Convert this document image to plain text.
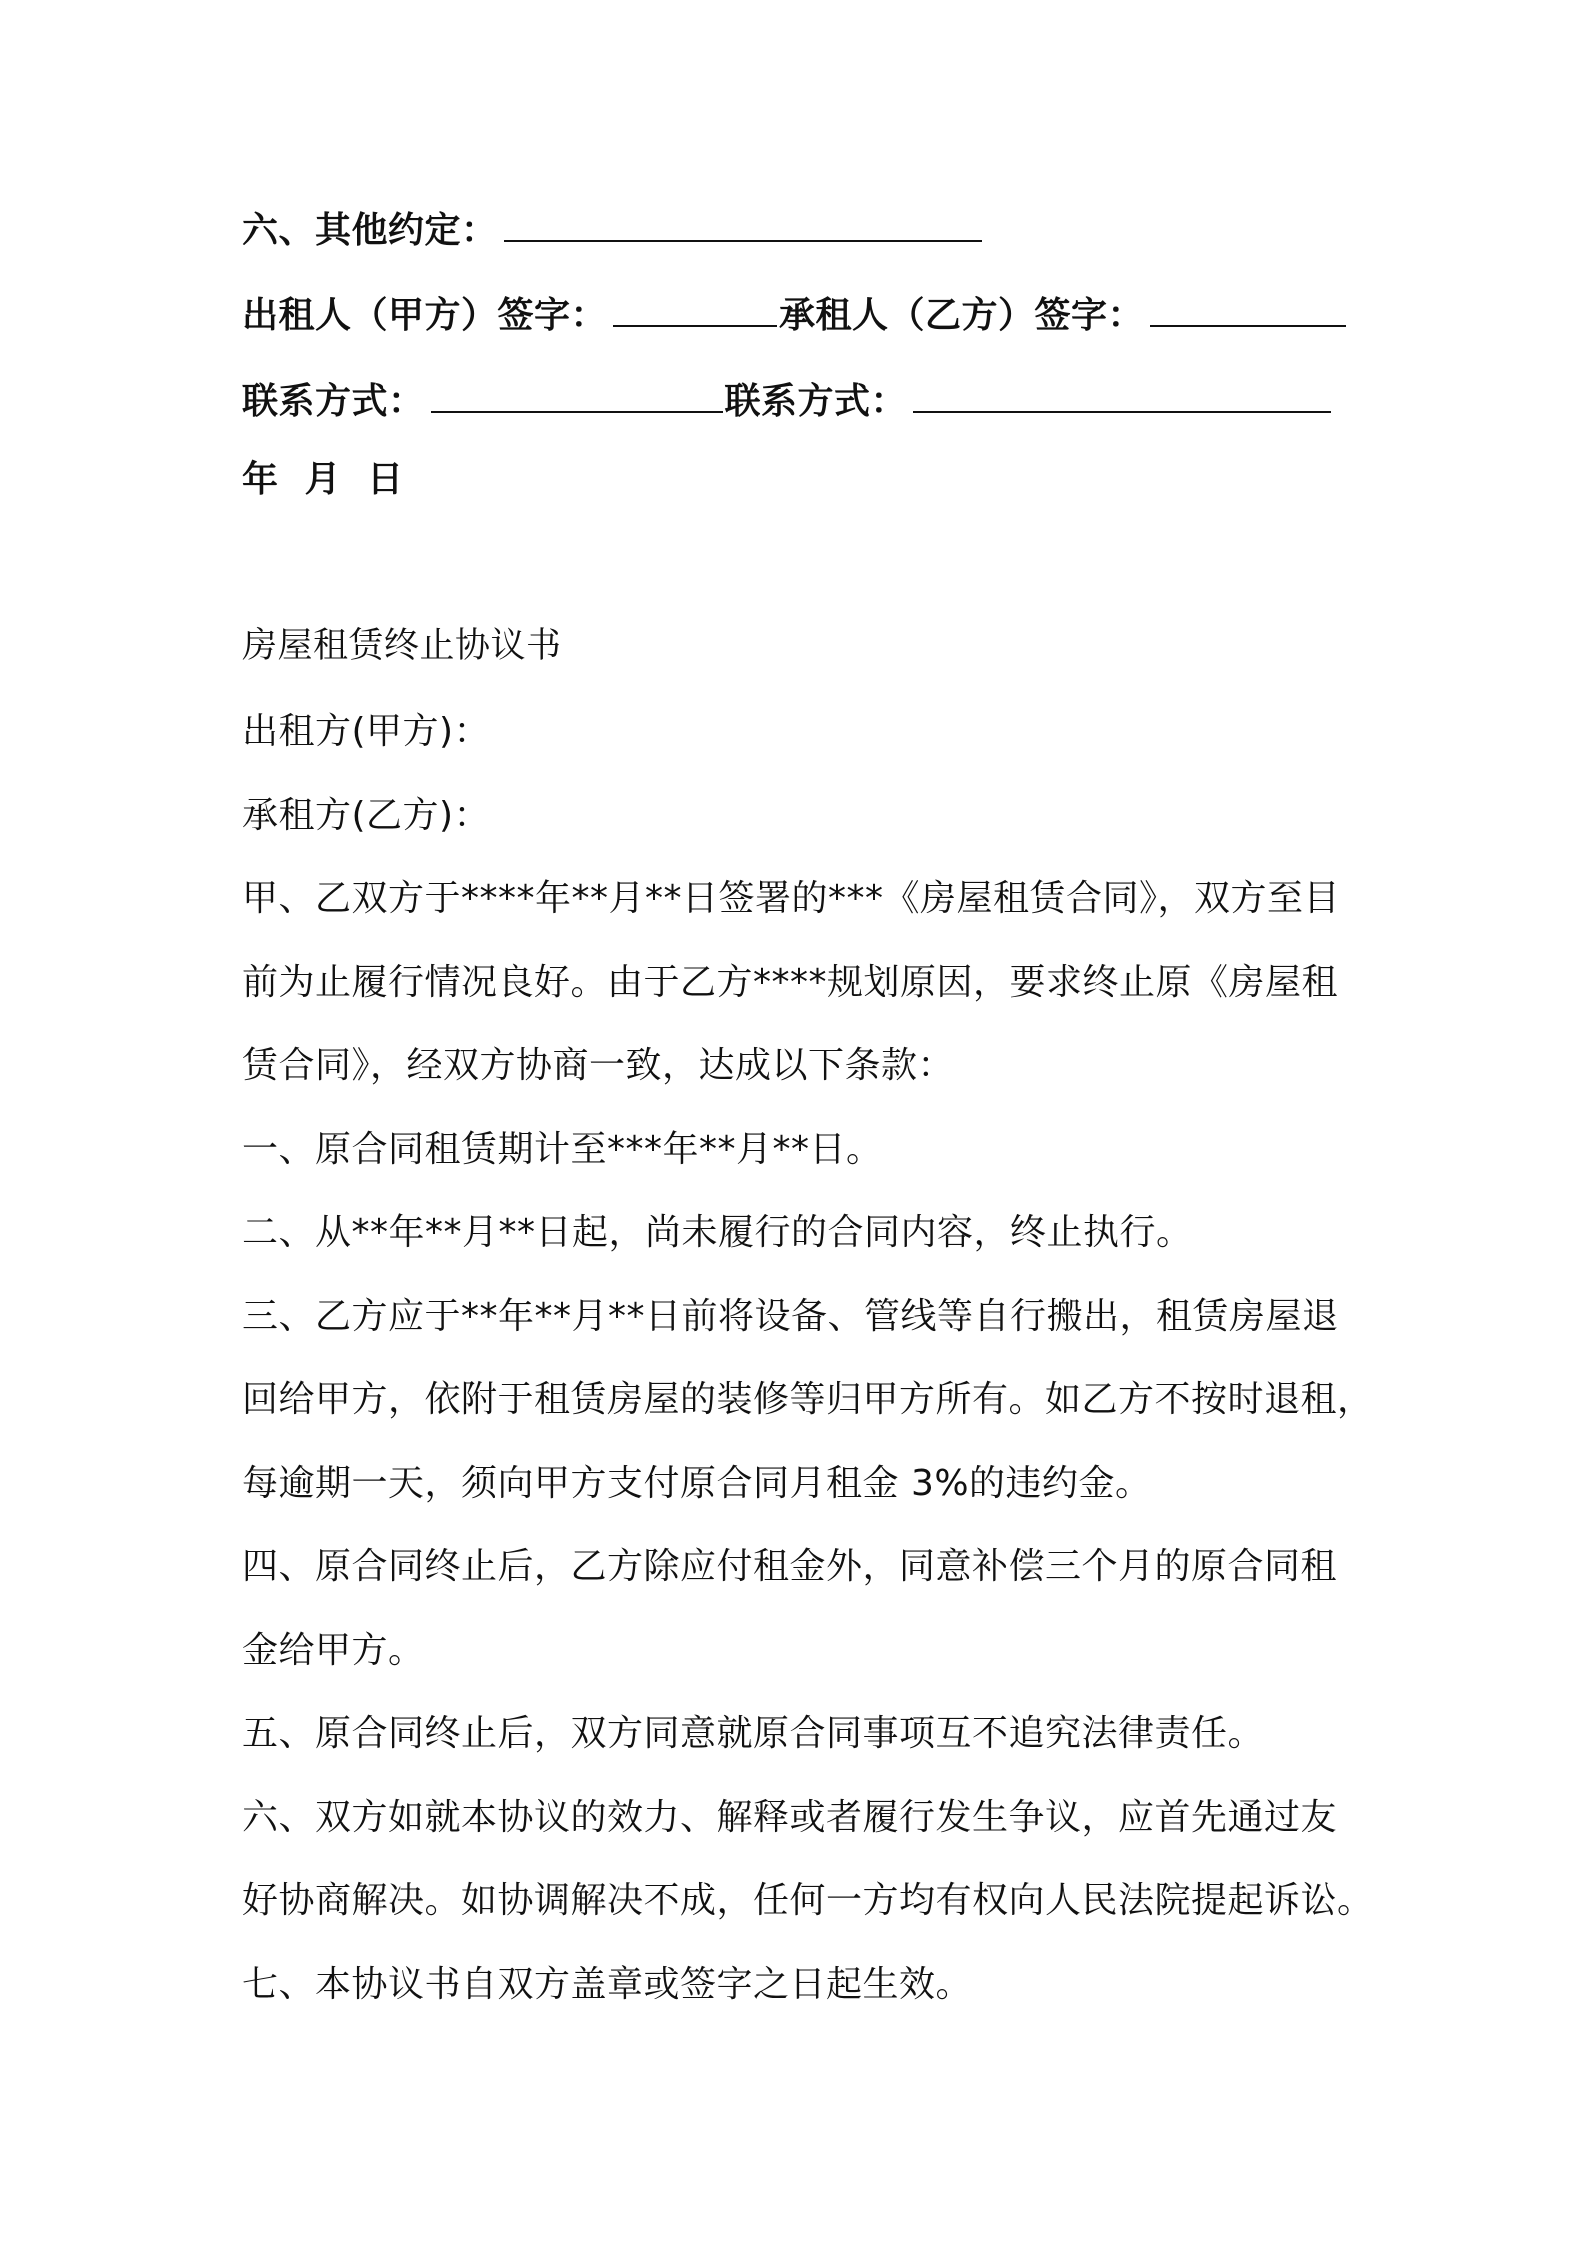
六、其他约定：
出租人（甲方）签字：	承租人（乙方）签字：
联系方式：	联系方式：
年  月  日
房屋租赁终止协议书
出租方(甲方)：
承租方(乙方)：
甲、乙双方于****年**月**日签署的***《房屋租赁合同》，双方至目
前为止履行情况良好。由于乙方****规划原因，要求终止原《房屋租
赁合同》，经双方协商一致，达成以下条款：
一、原合同租赁期计至***年**月**日。
二、从**年**月**日起，尚未履行的合同内容，终止执行。
三、乙方应于**年**月**日前将设备、管线等自行搬出，租赁房屋退
回给甲方，依附于租赁房屋的装修等归甲方所有。如乙方不按时退租，
每逾期一天，须向甲方支付原合同月租金 3%的违约金。
四、原合同终止后，乙方除应付租金外，同意补偿三个月的原合同租
金给甲方。
五、原合同终止后，双方同意就原合同事项互不追究法律责任。
六、双方如就本协议的效力、解释或者履行发生争议，应首先通过友
好协商解决。如协调解决不成，任何一方均有权向人民法院提起诉讼。
七、本协议书自双方盖章或签字之日起生效。
